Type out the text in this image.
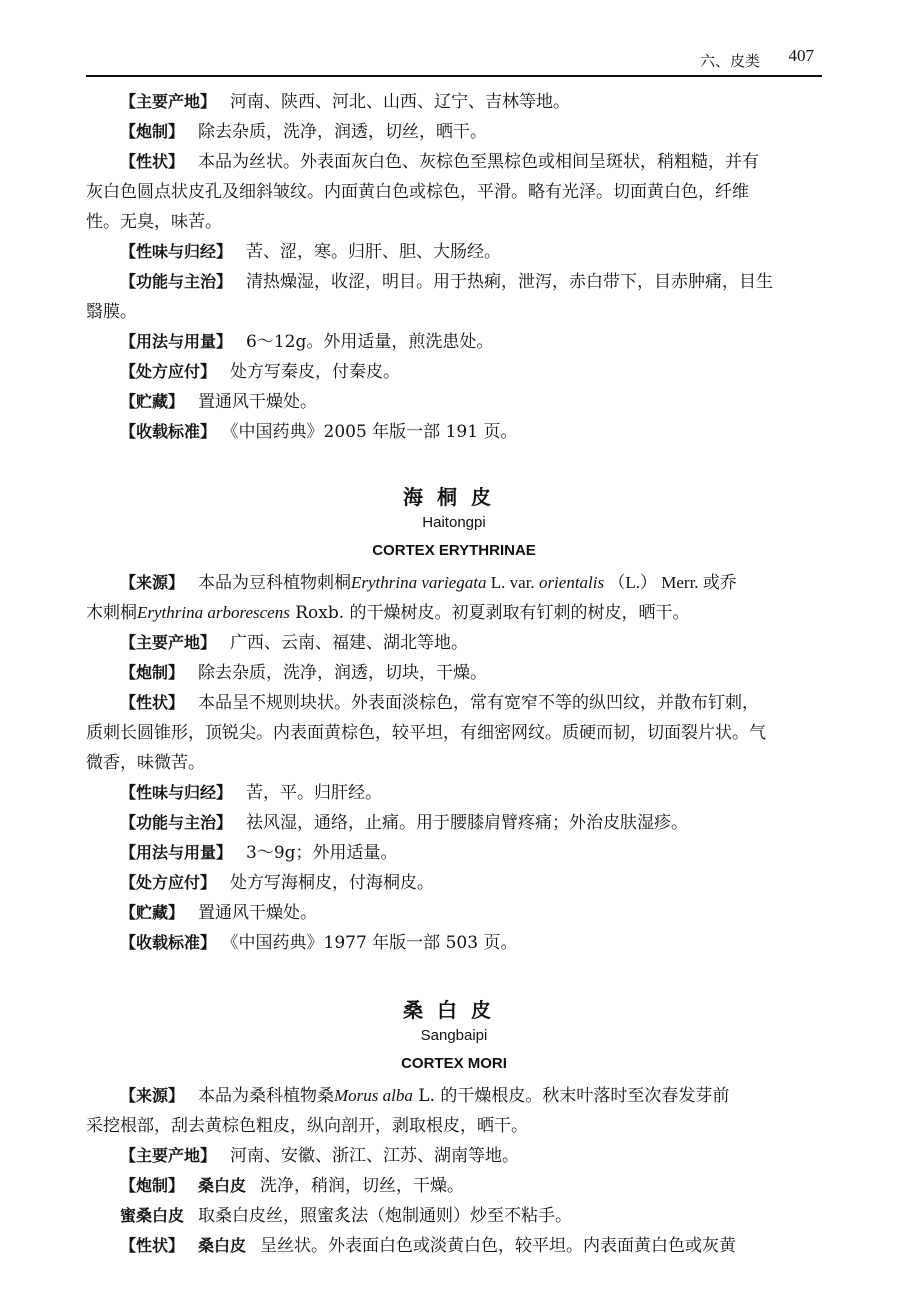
六、皮类 407
【主要产地】 河南、陕西、河北、山西、辽宁、吉林等地。
【炮制】 除去杂质，洗净，润透，切丝，晒干。
【性状】 本品为丝状。外表面灰白色、灰棕色至黑棕色或相间呈斑状，稍粗糙，并有
灰白色圆点状皮孔及细斜皱纹。内面黄白色或棕色，平滑。略有光泽。切面黄白色，纤维
性。无臭，味苦。
【性味与归经】 苦、涩，寒。归肝、胆、大肠经。
【功能与主治】 清热燥湿，收涩，明目。用于热痢，泄泻，赤白带下，目赤肿痛，目生
翳膜。
【用法与用量】 6～12g。外用适量，煎洗患处。
【处方应付】 处方写秦皮，付秦皮。
【贮藏】 置通风干燥处。
【收载标准】 《中国药典》2005 年版一部 191 页。
海桐皮
Haitongpi
CORTEX ERYTHRINAE
【来源】 本品为豆科植物刺桐Erythrina variegata L. var. orientalis （L.） Merr. 或乔
木刺桐Erythrina arborescens Roxb. 的干燥树皮。初夏剥取有钉刺的树皮，晒干。
【主要产地】 广西、云南、福建、湖北等地。
【炮制】 除去杂质，洗净，润透，切块，干燥。
【性状】 本品呈不规则块状。外表面淡棕色，常有宽窄不等的纵凹纹，并散布钉刺，
质刺长圆锥形，顶锐尖。内表面黄棕色，较平坦，有细密网纹。质硬而韧，切面裂片状。气
微香，味微苦。
【性味与归经】 苦，平。归肝经。
【功能与主治】 祛风湿，通络，止痛。用于腰膝肩臂疼痛；外治皮肤湿疹。
【用法与用量】 3～9g；外用适量。
【处方应付】 处方写海桐皮，付海桐皮。
【贮藏】 置通风干燥处。
【收载标准】 《中国药典》1977 年版一部 503 页。
桑白皮
Sangbaipi
CORTEX MORI
【来源】 本品为桑科植物桑Morus alba L. 的干燥根皮。秋末叶落时至次春发芽前
采挖根部，刮去黄棕色粗皮，纵向剖开，剥取根皮，晒干。
【主要产地】 河南、安徽、浙江、江苏、湖南等地。
【炮制】 桑白皮 洗净，稍润，切丝，干燥。
蜜桑白皮 取桑白皮丝，照蜜炙法（炮制通则）炒至不粘手。
【性状】 桑白皮 呈丝状。外表面白色或淡黄白色，较平坦。内表面黄白色或灰黄
